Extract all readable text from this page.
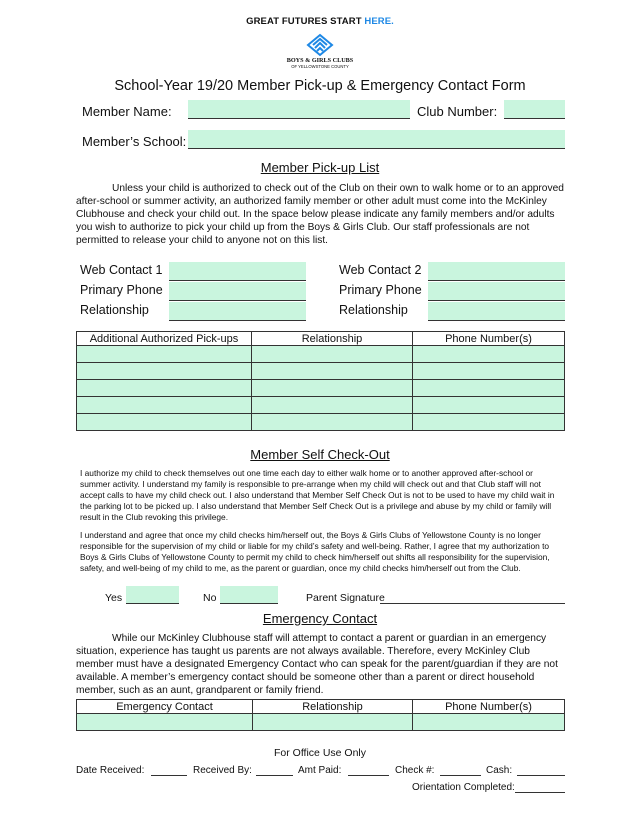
GREAT FUTURES START HERE.
BOYS & GIRLS CLUBS
OF YELLOWSTONE COUNTY
School-Year 19/20 Member Pick-up & Emergency Contact Form
Member Name:	Club Number:
Member’s School:
Member Pick-up List
Unless your child is authorized to check out of the Club on their own to walk home or to an approved after-school or summer activity, an authorized family member or other adult must come into the McKinley Clubhouse and check your child out. In the space below please indicate any family members and/or adults you wish to authorize to pick your child up from the Boys & Girls Club. Our staff professionals are not permitted to release your child to anyone not on this list.
Web Contact 1
Primary Phone
Relationship
Web Contact 2
Primary Phone
Relationship
Additional Authorized Pick-ups	Relationship	Phone Number(s)

Member Self Check-Out
I authorize my child to check themselves out one time each day to either walk home or to another approved after-school or summer activity. I understand my family is responsible to pre-arrange when my child will check out and that Club staff will not accept calls to have my child check out. I also understand that Member Self Check Out is not to be used to have my child wait in the parking lot to be picked up. I also understand that Member Self Check Out is a privilege and abuse by my child or family will result in the Club revoking this privilege.
I understand and agree that once my child checks him/herself out, the Boys & Girls Clubs of Yellowstone County is no longer responsible for the supervision of my child or liable for my child’s safety and well-being. Rather, I agree that my authorization to Boys & Girls Clubs of Yellowstone County to permit my child to check him/herself out shifts all responsibility for the supervision, safety, and well-being of my child to me, as the parent or guardian, once my child checks him/herself out from the Club.
Yes	No	Parent Signature
Emergency Contact
While our McKinley Clubhouse staff will attempt to contact a parent or guardian in an emergency situation, experience has taught us parents are not always available. Therefore, every McKinley Club member must have a designated Emergency Contact who can speak for the parent/guardian if they are not available. A member’s emergency contact should be someone other than a parent or direct household member, such as an aunt, grandparent or family friend.
Emergency Contact	Relationship	Phone Number(s)

For Office Use Only
Date Received:	Received By:	Amt Paid:	Check #:	Cash:
Orientation Completed:
